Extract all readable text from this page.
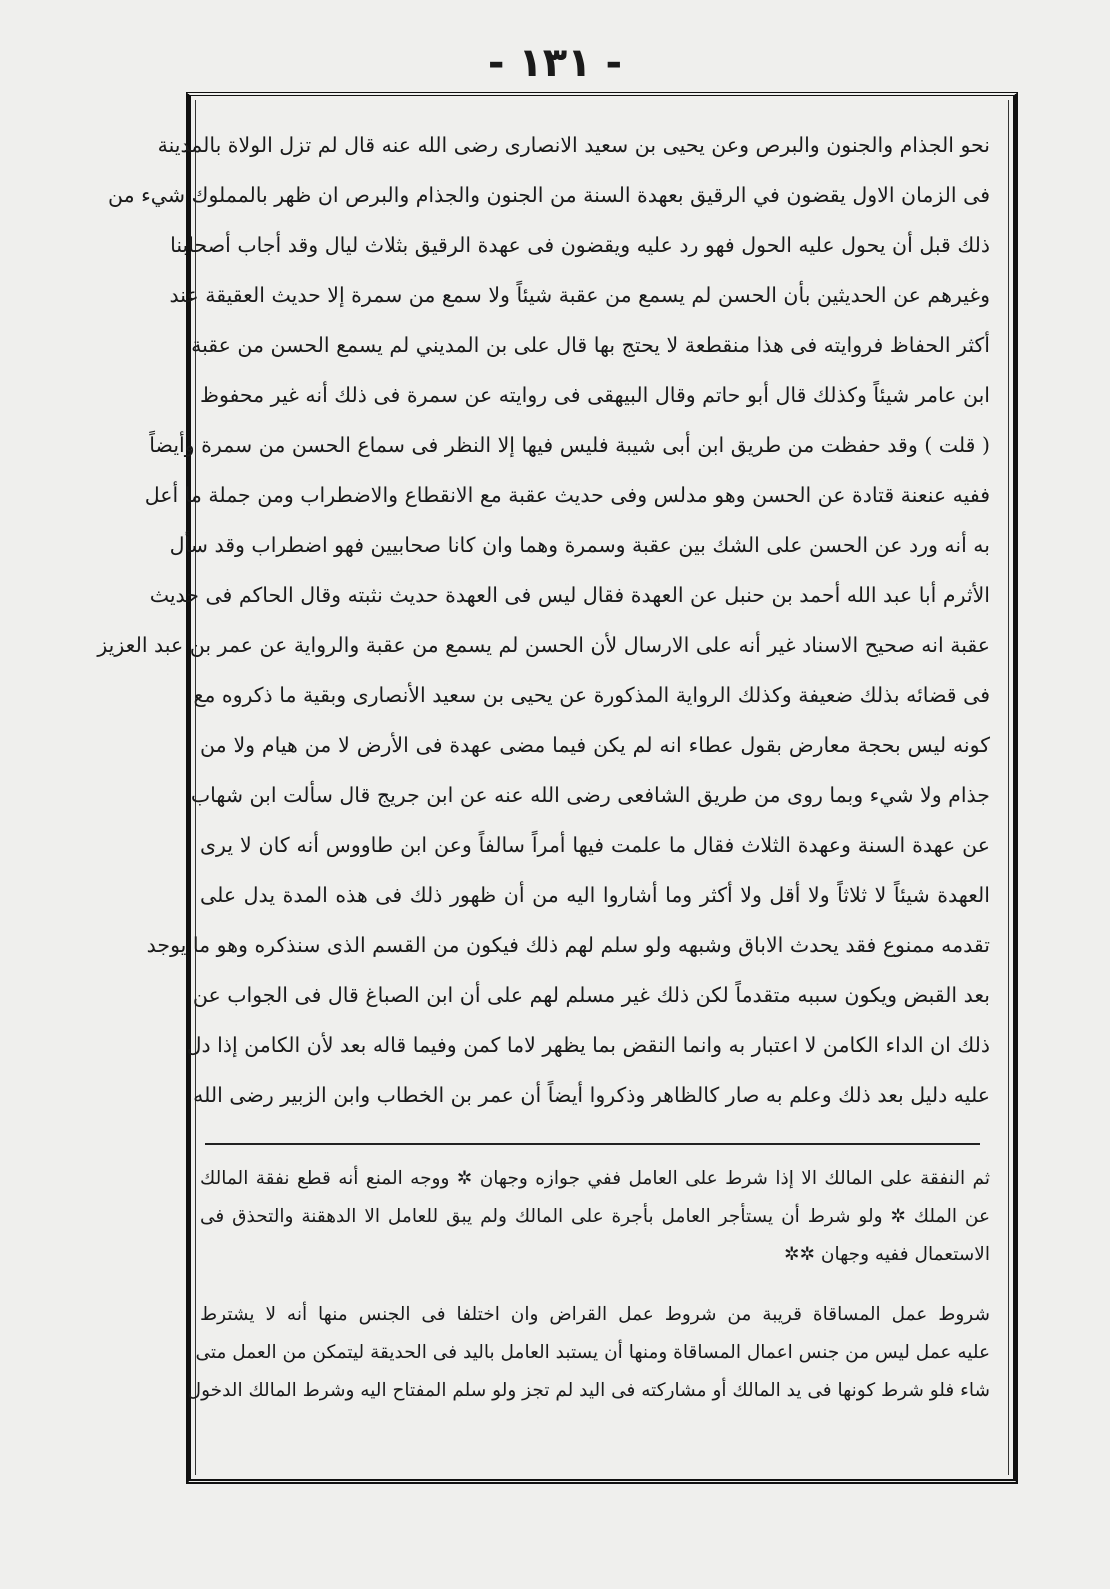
- ١٣١ -
نحو الجذام والجنون والبرص وعن يحيى بن سعيد الانصارى رضى الله عنه قال لم تزل الولاة بالمدينة
فى الزمان الاول يقضون في الرقيق بعهدة السنة من الجنون والجذام والبرص ان ظهر بالمملوك شيء من
ذلك قبل أن يحول عليه الحول فهو رد عليه ويقضون فى عهدة الرقيق بثلاث ليال وقد أجاب أصحابنا
وغيرهم عن الحديثين بأن الحسن لم يسمع من عقبة شيئاً ولا سمع من سمرة إلا حديث العقيقة عند
أكثر الحفاظ فروايته فى هذا منقطعة لا يحتج بها قال على بن المديني لم يسمع الحسن من عقبة
ابن عامر شيئاً وكذلك قال أبو حاتم وقال البيهقى فى روايته عن سمرة فى ذلك أنه غير محفوظ
( قلت ) وقد حفظت من طريق ابن أبى شيبة فليس فيها إلا النظر فى سماع الحسن من سمرة وأيضاً
ففيه عنعنة قتادة عن الحسن وهو مدلس وفى حديث عقبة مع الانقطاع والاضطراب ومن جملة ما أعل
به أنه ورد عن الحسن على الشك بين عقبة وسمرة وهما وان كانا صحابيين فهو اضطراب وقد سأل
الأثرم أبا عبد الله أحمد بن حنبل عن العهدة فقال ليس فى العهدة حديث نثبته وقال الحاكم فى حديث
عقبة انه صحيح الاسناد غير أنه على الارسال لأن الحسن لم يسمع من عقبة والرواية عن عمر بن عبد العزيز
فى قضائه بذلك ضعيفة وكذلك الرواية المذكورة عن يحيى بن سعيد الأنصارى وبقية ما ذكروه مع
كونه ليس بحجة معارض بقول عطاء انه لم يكن فيما مضى عهدة فى الأرض لا من هيام ولا من
جذام ولا شيء وبما روى من طريق الشافعى رضى الله عنه عن ابن جريج قال سألت ابن شهاب
عن عهدة السنة وعهدة الثلاث فقال ما علمت فيها أمراً سالفاً وعن ابن طاووس أنه كان لا يرى
العهدة شيئاً لا ثلاثاً ولا أقل ولا أكثر وما أشاروا اليه من أن ظهور ذلك فى هذه المدة يدل على
تقدمه ممنوع فقد يحدث الاباق وشبهه ولو سلم لهم ذلك فيكون من القسم الذى سنذكره وهو ما يوجد
بعد القبض ويكون سببه متقدماً لكن ذلك غير مسلم لهم على أن ابن الصباغ قال فى الجواب عن
ذلك ان الداء الكامن لا اعتبار به وانما النقض بما يظهر لاما كمن وفيما قاله بعد لأن الكامن إذا دل
عليه دليل بعد ذلك وعلم به صار كالظاهر وذكروا أيضاً أن عمر بن الخطاب وابن الزبير رضى الله
ثم النفقة على المالك الا إذا شرط على العامل ففي جوازه وجهان ✲ ووجه المنع أنه قطع نفقة المالك
عن الملك ✲ ولو شرط أن يستأجر العامل بأجرة على المالك ولم يبق للعامل الا الدهقنة والتحذق فى
الاستعمال ففيه وجهان ✲✲
شروط عمل المساقاة قريبة من شروط عمل القراض وان اختلفا فى الجنس منها أنه لا يشترط
عليه عمل ليس من جنس اعمال المساقاة ومنها أن يستبد العامل باليد فى الحديقة ليتمكن من العمل متى
شاء فلو شرط كونها فى يد المالك أو مشاركته فى اليد لم تجز ولو سلم المفتاح اليه وشرط المالك الدخول
